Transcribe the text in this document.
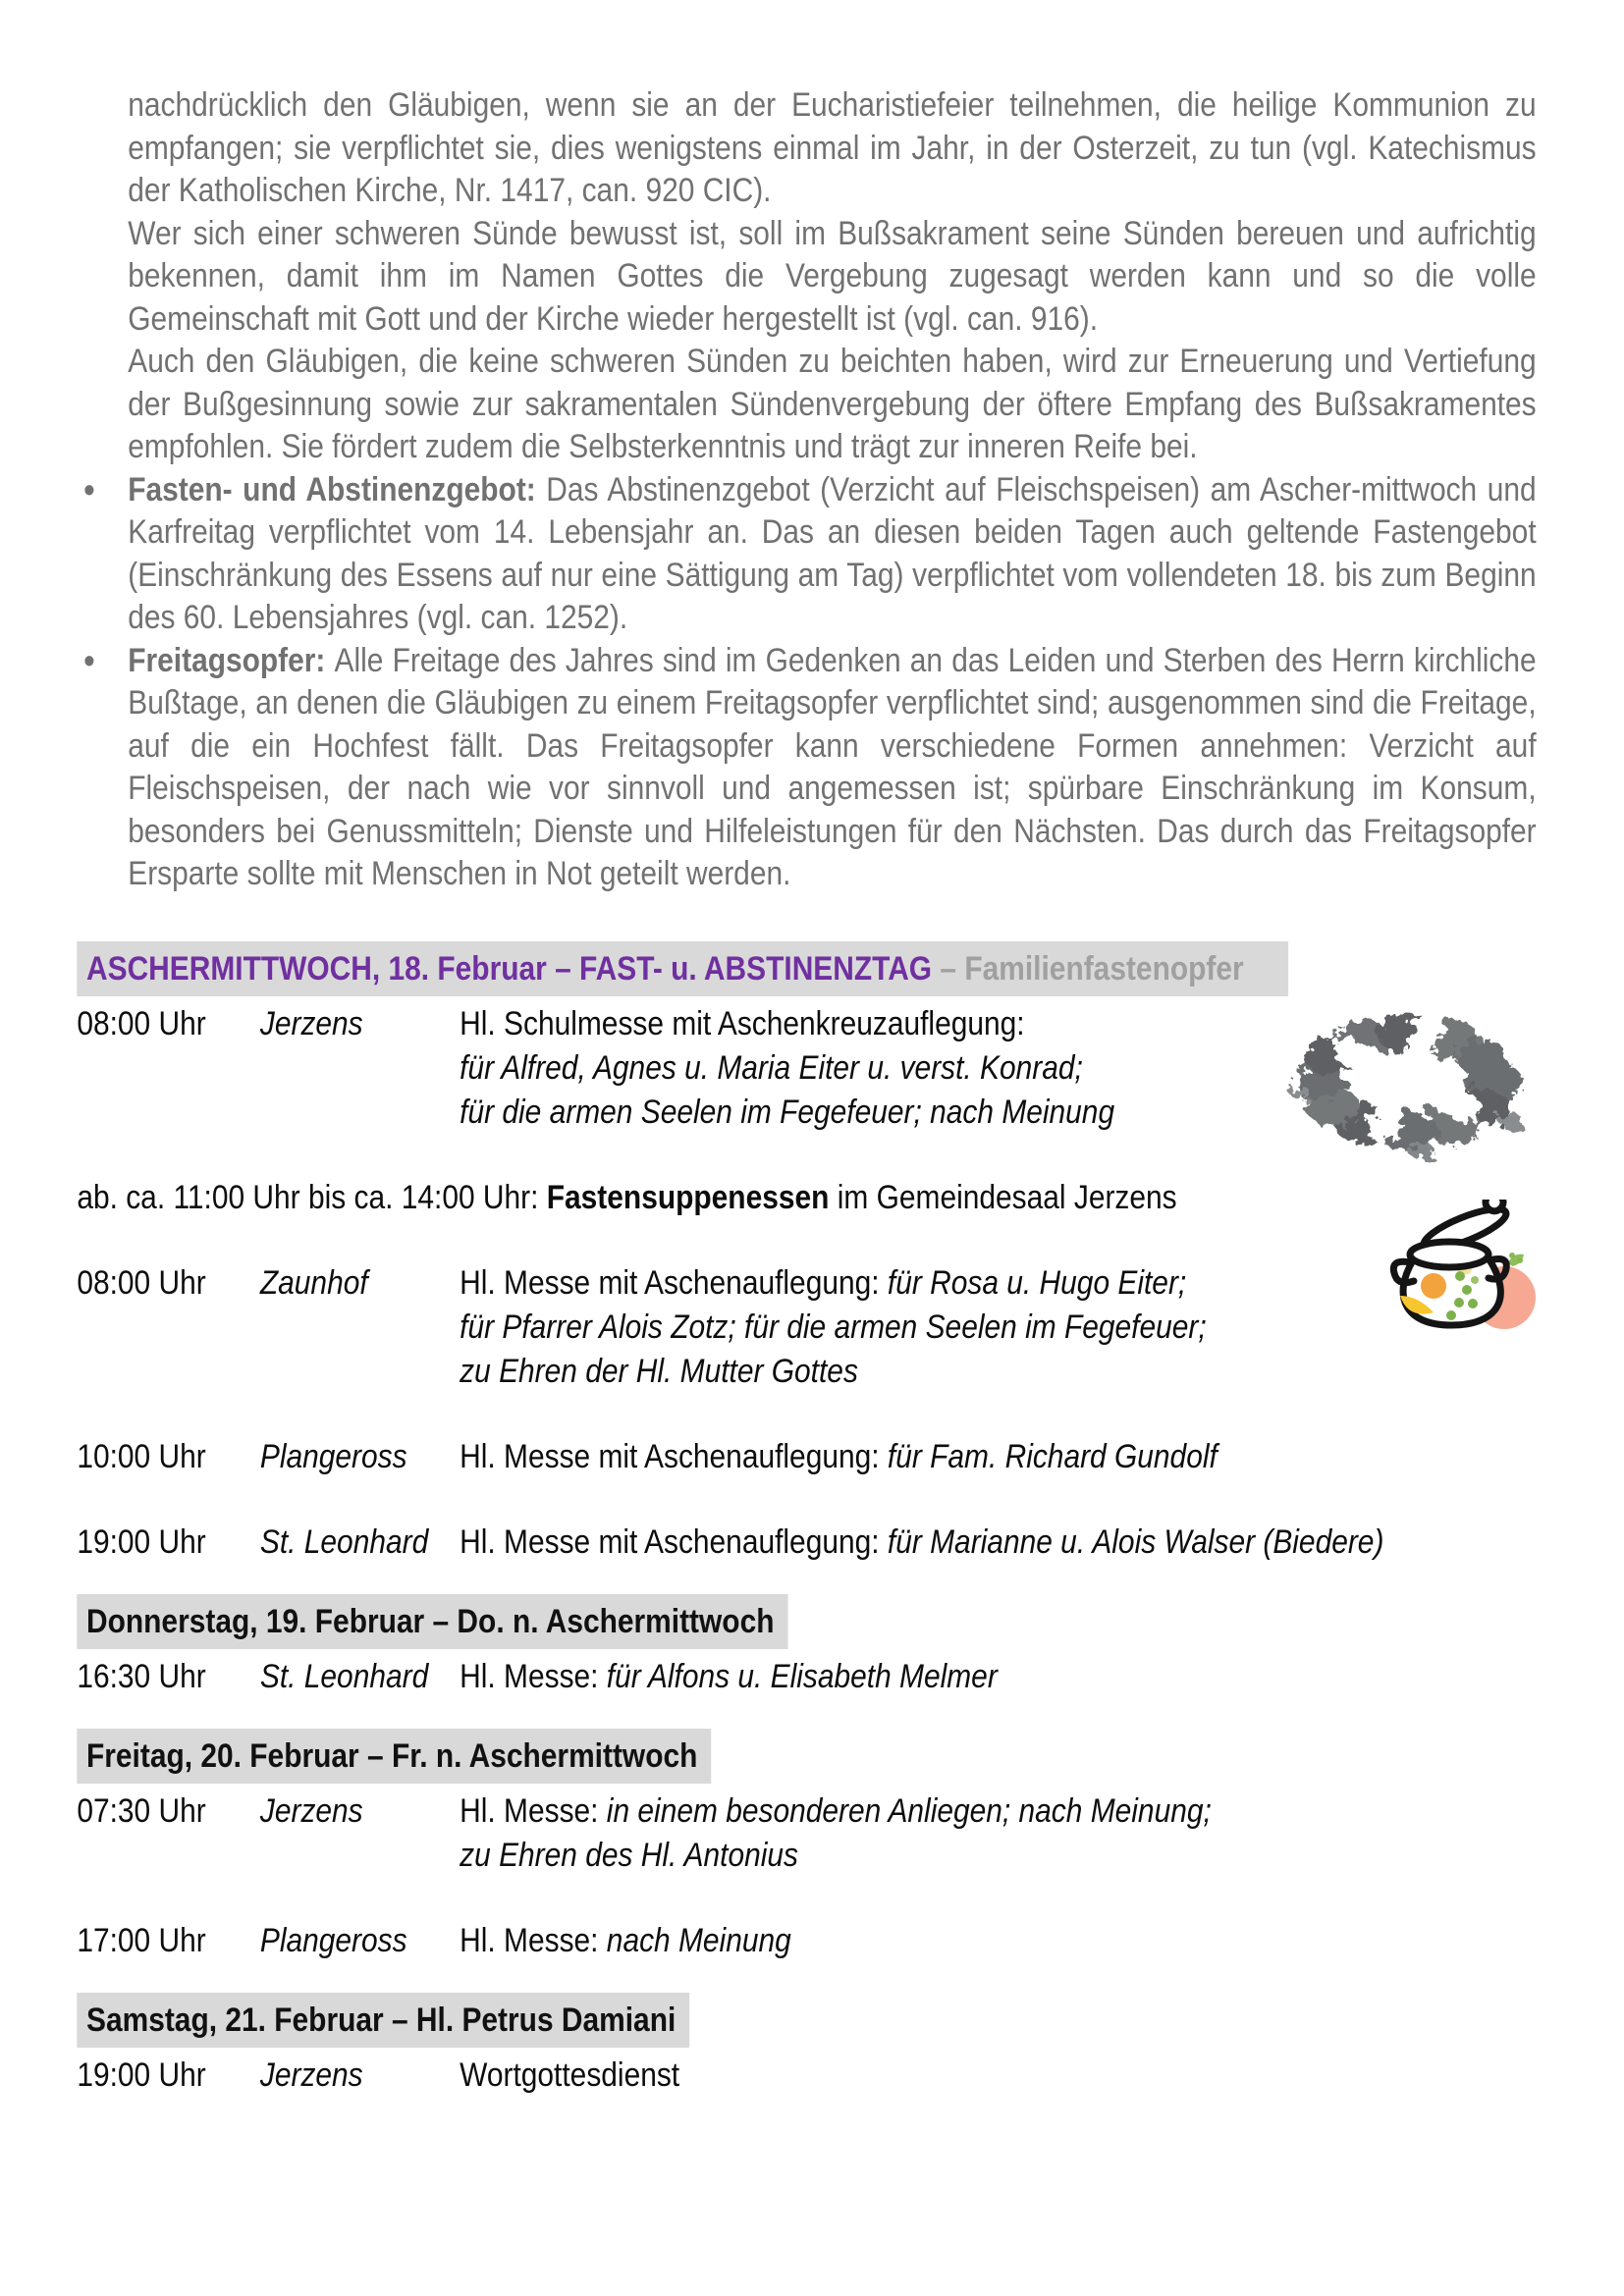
nachdrücklich den Gläubigen, wenn sie an der Eucharistiefeier teilnehmen, die heilige Kommunion zu empfangen; sie verpflichtet sie, dies wenigstens einmal im Jahr, in der Osterzeit, zu tun (vgl. Katechismus der Katholischen Kirche, Nr. 1417, can. 920 CIC).
Wer sich einer schweren Sünde bewusst ist, soll im Bußsakrament seine Sünden bereuen und aufrichtig bekennen, damit ihm im Namen Gottes die Vergebung zugesagt werden kann und so die volle Gemeinschaft mit Gott und der Kirche wieder hergestellt ist (vgl. can. 916).
Auch den Gläubigen, die keine schweren Sünden zu beichten haben, wird zur Erneuerung und Vertiefung der Bußgesinnung sowie zur sakramentalen Sündenvergebung der öftere Empfang des Bußsakramentes empfohlen. Sie fördert zudem die Selbsterkenntnis und trägt zur inneren Reife bei.
• Fasten- und Abstinenzgebot: Das Abstinenzgebot (Verzicht auf Fleischspeisen) am Ascher-mittwoch und Karfreitag verpflichtet vom 14. Lebensjahr an. Das an diesen beiden Tagen auch geltende Fastengebot (Einschränkung des Essens auf nur eine Sättigung am Tag) verpflichtet vom vollendeten 18. bis zum Beginn des 60. Lebensjahres (vgl. can. 1252).
• Freitagsopfer: Alle Freitage des Jahres sind im Gedenken an das Leiden und Sterben des Herrn kirchliche Bußtage, an denen die Gläubigen zu einem Freitagsopfer verpflichtet sind; ausgenommen sind die Freitage, auf die ein Hochfest fällt. Das Freitagsopfer kann verschiedene Formen annehmen: Verzicht auf Fleischspeisen, der nach wie vor sinnvoll und angemessen ist; spürbare Einschränkung im Konsum, besonders bei Genussmitteln; Dienste und Hilfeleistungen für den Nächsten. Das durch das Freitagsopfer Ersparte sollte mit Menschen in Not geteilt werden.
ASCHERMITTWOCH, 18. Februar – FAST- u. ABSTINENZTAG – Familienfastenopfer
08:00 Uhr	Jerzens	Hl. Schulmesse mit Aschenkreuzauflegung:
für Alfred, Agnes u. Maria Eiter u. verst. Konrad;
für die armen Seelen im Fegefeuer; nach Meinung
ab. ca. 11:00 Uhr bis ca. 14:00 Uhr: Fastensuppenessen im Gemeindesaal Jerzens
08:00 Uhr	Zaunhof	Hl. Messe mit Aschenauflegung: für Rosa u. Hugo Eiter;
für Pfarrer Alois Zotz; für die armen Seelen im Fegefeuer;
zu Ehren der Hl. Mutter Gottes
10:00 Uhr	Plangeross	Hl. Messe mit Aschenauflegung: für Fam. Richard Gundolf
19:00 Uhr	St. Leonhard Hl. Messe mit Aschenauflegung: für Marianne u. Alois Walser (Biedere)
Donnerstag, 19. Februar – Do. n. Aschermittwoch
16:30 Uhr	St. Leonhard Hl. Messe: für Alfons u. Elisabeth Melmer
Freitag, 20. Februar – Fr. n. Aschermittwoch
07:30 Uhr	Jerzens	Hl. Messe: in einem besonderen Anliegen; nach Meinung;
zu Ehren des Hl. Antonius
17:00 Uhr	Plangeross	Hl. Messe: nach Meinung
Samstag, 21. Februar – Hl. Petrus Damiani
19:00 Uhr	Jerzens	Wortgottesdienst
